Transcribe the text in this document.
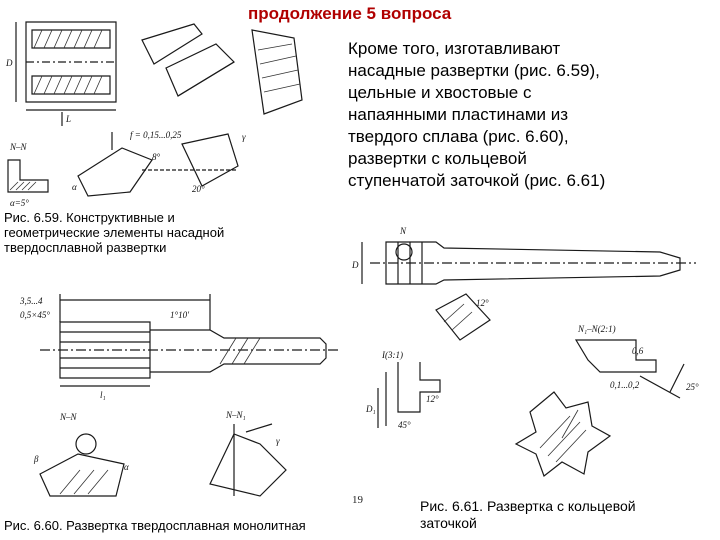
продолжение 5 вопроса
N–N
f = 0,15...0,25
20°
8°
α=5°
α
γ
D
L
Рис. 6.59. Конструктивные и
геометрические элементы насадной
твердосплавной развертки
Кроме того, изготавливают
насадные развертки (рис. 6.59),
цельные и хвостовые с
напаянными пластинами из
твердого сплава (рис. 6.60),
развертки с кольцевой
ступенчатой заточкой (рис. 6.61)
3,5...4
0,5×45°	1°10'
N–N	N–N₁
β
α
γ
l₁
Рис. 6.60. Развертка твердосплавная монолитная
N
12°
N₁–N(2:1)
0,6
0,1...0,2	25°
I(3:1)
45°
12°
D
D₁
19	Рис. 6.61. Развертка с кольцевой
заточкой
